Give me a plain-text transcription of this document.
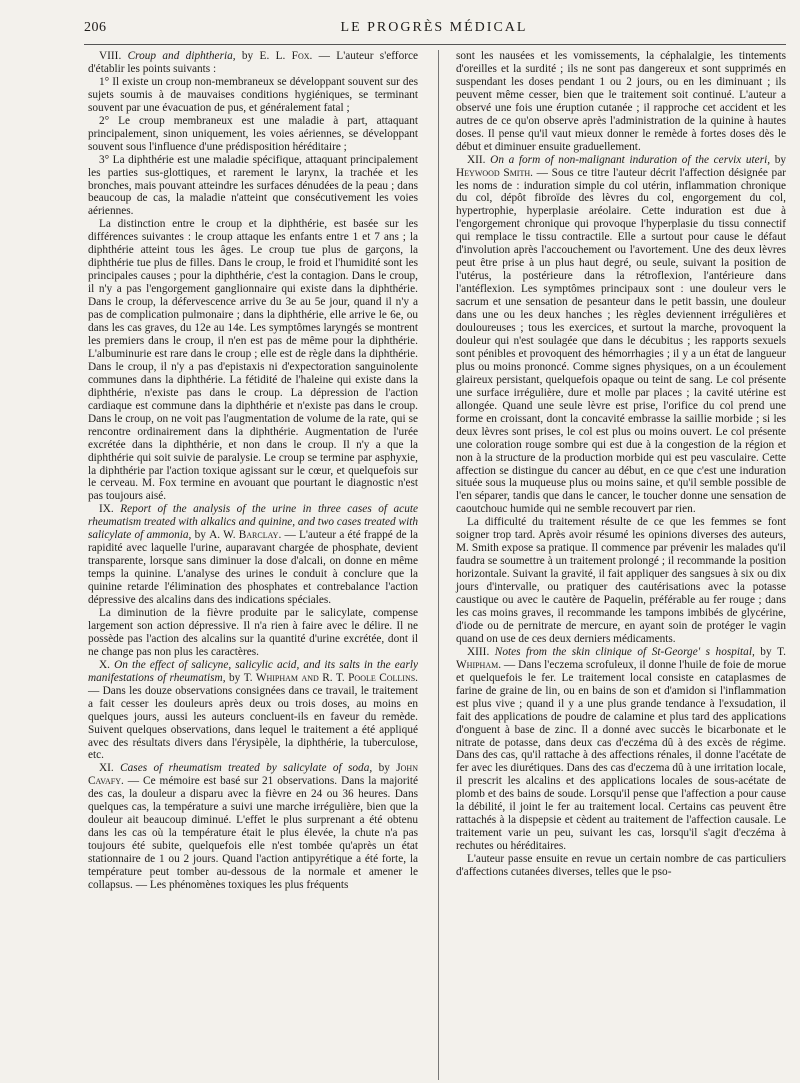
206	LE PROGRÈS MÉDICAL

VIII. Croup and diphtheria, by E. L. Fox. — L'auteur s'efforce d'établir les points suivants :

1° Il existe un croup non-membraneux se développant souvent sur des sujets soumis à de mauvaises conditions hygiéniques, se terminant souvent par une évacuation de pus, et généralement fatal ;

2° Le croup membraneux est une maladie à part, attaquant principalement, sinon uniquement, les voies aériennes, se développant souvent sous l'influence d'une prédisposition héréditaire ;

3° La diphthérie est une maladie spécifique, attaquant principalement les parties sus-glottiques, et rarement le larynx, la trachée et les bronches, mais pouvant atteindre les surfaces dénudées de la peau ; dans beaucoup de cas, la maladie n'atteint que consécutivement les voies aériennes.

La distinction entre le croup et la diphthérie, est basée sur les différences suivantes : le croup attaque les enfants entre 1 et 7 ans ; la diphthérie atteint tous les âges. Le croup tue plus de garçons, la diphthérie tue plus de filles. Dans le croup, le froid et l'humidité sont les principales causes ; pour la diphthérie, c'est la contagion. Dans le croup, il n'y a pas l'engorgement ganglionnaire qui existe dans la diphthérie. Dans le croup, la défervescence arrive du 3e au 5e jour, quand il n'y a pas de complication pulmonaire ; dans la diphthérie, elle arrive le 6e, ou dans les cas graves, du 12e au 14e. Les symptômes laryngés se montrent les premiers dans le croup, il n'en est pas de même pour la diphthérie. L'albuminurie est rare dans le croup ; elle est de règle dans la diphthérie. Dans le croup, il n'y a pas d'epistaxis ni d'expectoration sanguinolente communes dans la diphthérie. La fétidité de l'haleine qui existe dans la diphthérie, n'existe pas dans le croup. La dépression de l'action cardiaque est commune dans la diphthérie et n'existe pas dans le croup. Dans le croup, on ne voit pas l'augmentation de volume de la rate, qui se rencontre ordinairement dans la diphthérie. Augmentation de l'urée excrétée dans la diphthérie, et non dans le croup. Il n'y a que la diphthérie qui soit suivie de paralysie. Le croup se termine par asphyxie, la diphthérie par l'action toxique agissant sur le cœur, et quelquefois sur le cerveau. M. Fox termine en avouant que pourtant le diagnostic n'est pas toujours aisé.

IX. Report of the analysis of the urine in three cases of acute rheumatism treated with alkalics and quinine, and two cases treated with salicylate of ammonia, by A. W. Barclay. — L'auteur a été frappé de la rapidité avec laquelle l'urine, auparavant chargée de phosphate, devient transparente, lorsque sans diminuer la dose d'alcali, on donne en même temps la quinine. L'analyse des urines le conduit à conclure que la quinine retarde l'élimination des phosphates et contrebalance l'action dépressive des alcalins dans des indications spéciales.

La diminution de la fièvre produite par le salicylate, compense largement son action dépressive. Il n'a rien à faire avec le délire. Il ne possède pas l'action des alcalins sur la quantité d'urine excrétée, dont il ne change pas non plus les caractères.

X. On the effect of salicyne, salicylic acid, and its salts in the early manifestations of rheumatism, by T. Whipham and R. T. Poole Collins. — Dans les douze observations consignées dans ce travail, le traitement a fait cesser les douleurs après deux ou trois doses, au moins en quelques jours, aussi les auteurs concluent-ils en faveur du remède. Suivent quelques observations, dans lequel le traitement a été appliqué avec des résultats divers dans l'érysipèle, la diphthérie, la tuberculose, etc.

XI. Cases of rheumatism treated by salicylate of soda, by John Cavafy. — Ce mémoire est basé sur 21 observations. Dans la majorité des cas, la douleur a disparu avec la fièvre en 24 ou 36 heures. Dans quelques cas, la température a suivi une marche irrégulière, bien que la douleur ait beaucoup diminué. L'effet le plus surprenant a été obtenu dans les cas où la température était le plus élevée, la chute n'a pas toujours été subite, quelquefois elle n'est tombée qu'après un état stationnaire de 1 ou 2 jours. Quand l'action antipyrétique a été forte, la température peut tomber au-dessous de la normale et amener le collapsus. — Les phénomènes toxiques les plus fréquents

sont les nausées et les vomissements, la céphalalgie, les tintements d'oreilles et la surdité ; ils ne sont pas dangereux et sont supprimés en suspendant les doses pendant 1 ou 2 jours, ou en les diminuant ; ils peuvent même cesser, bien que le traitement soit continué. L'auteur a observé une fois une éruption cutanée ; il rapproche cet accident et les autres de ce qu'on observe après l'administration de la quinine à hautes doses. Il pense qu'il vaut mieux donner le remède à fortes doses dès le début et diminuer ensuite graduellement.

XII. On a form of non-malignant induration of the cervix uteri, by Heywood Smith. — Sous ce titre l'auteur décrit l'affection désignée par les noms de : induration simple du col utérin, inflammation chronique du col, dépôt fibroïde des lèvres du col, engorgement du col, hypertrophie, hyperplasie aréolaire. Cette induration est due à l'engorgement chronique qui provoque l'hyperplasie du tissu connectif qui remplace le tissu contractile. Elle a surtout pour cause le défaut d'involution après l'accouchement ou l'avortement. Une des deux lèvres peut être prise à un plus haut degré, ou seule, suivant la position de l'utérus, la postérieure dans la rétroflexion, l'antérieure dans l'antéflexion. Les symptômes principaux sont : une douleur vers le sacrum et une sensation de pesanteur dans le petit bassin, une douleur dans une ou les deux hanches ; les règles deviennent irrégulières et douloureuses ; tous les exercices, et surtout la marche, provoquent la douleur qui n'est soulagée que dans le décubitus ; les rapports sexuels sont pénibles et provoquent des hémorrhagies ; il y a un état de langueur plus ou moins prononcé. Comme signes physiques, on a un écoulement glaireux persistant, quelquefois opaque ou teint de sang. Le col présente une surface irrégulière, dure et molle par places ; la cavité utérine est allongée. Quand une seule lèvre est prise, l'orifice du col prend une forme en croissant, dont la concavité embrasse la saillie morbide ; si les deux lèvres sont prises, le col est plus ou moins ouvert. Le col présente une coloration rouge sombre qui est due à la congestion de la région et non à la structure de la production morbide qui est peu vasculaire. Cette affection se distingue du cancer au début, en ce que c'est une induration située sous la muqueuse plus ou moins saine, et qu'il semble possible de l'en séparer, tandis que dans le cancer, le toucher donne une sensation de caoutchouc humide qui ne semble recouvert par rien.

La difficulté du traitement résulte de ce que les femmes se font soigner trop tard. Après avoir résumé les opinions diverses des auteurs, M. Smith expose sa pratique. Il commence par prévenir les malades qu'il faudra se soumettre à un traitement prolongé ; il recommande la position horizontale. Suivant la gravité, il fait appliquer des sangsues à six ou dix jours d'intervalle, ou pratiquer des cautérisations avec la potasse caustique ou avec le cautère de Paquelin, préférable au fer rouge ; dans les cas moins graves, il recommande les tampons imbibés de glycérine, d'iode ou de pernitrate de mercure, en ayant soin de protéger le vagin quand on use de ces deux derniers médicaments.

XIII. Notes from the skin clinique of St-George' s hospital, by T. Whipham. — Dans l'eczema scrofuleux, il donne l'huile de foie de morue et quelquefois le fer. Le traitement local consiste en cataplasmes de farine de graine de lin, ou en bains de son et d'amidon si l'inflammation est plus vive ; quand il y a une plus grande tendance à l'exsudation, il fait des applications de poudre de calamine et plus tard des applications d'onguent à base de zinc. Il a donné avec succès le bicarbonate et le nitrate de potasse, dans deux cas d'eczéma dû à des excès de régime. Dans des cas, qu'il rattache à des affections rénales, il donne l'acétate de fer avec les diurétiques. Dans des cas d'eczema dû à une irritation locale, il prescrit les alcalins et des applications locales de sous-acétate de plomb et des bains de soude. Lorsqu'il pense que l'affection a pour cause la débilité, il joint le fer au traitement local. Certains cas peuvent être rattachés à la dispepsie et cèdent au traitement de l'affection causale. Le traitement varie un peu, suivant les cas, lorsqu'il s'agit d'eczéma à rechutes ou héréditaires.

L'auteur passe ensuite en revue un certain nombre de cas particuliers d'affections cutanées diverses, telles que le pso-
